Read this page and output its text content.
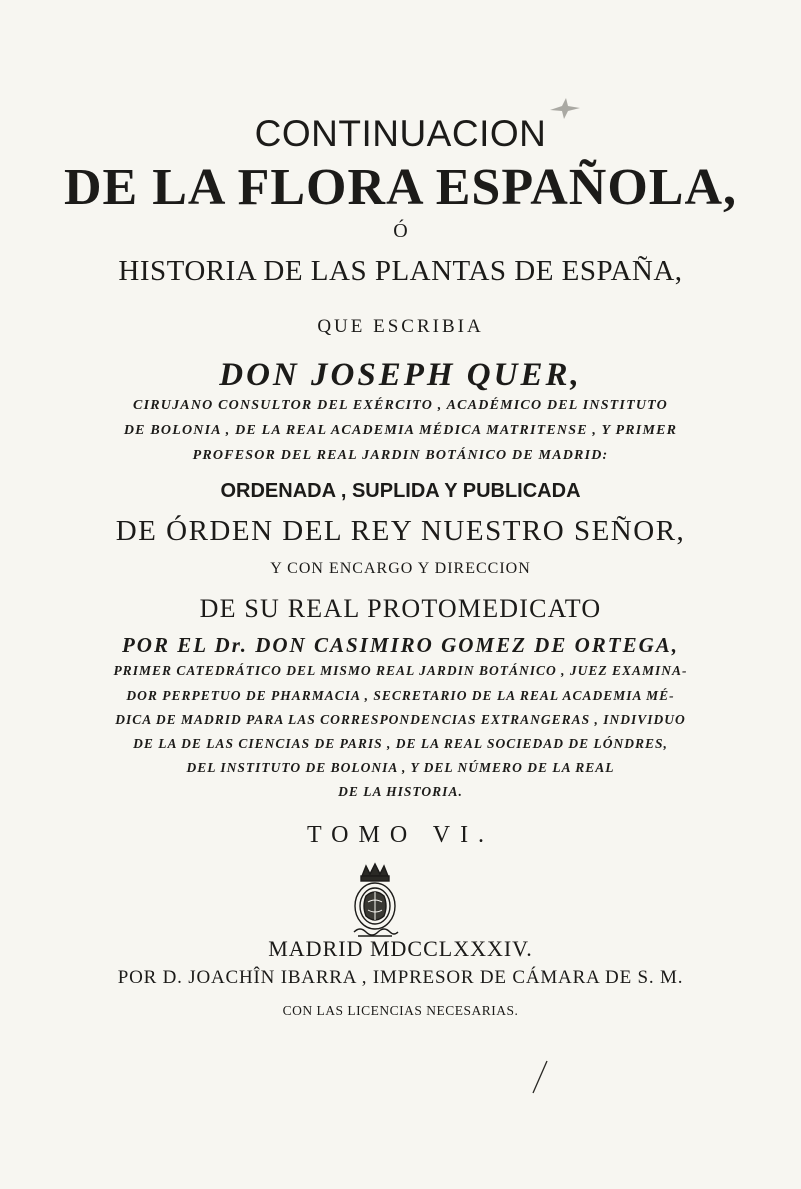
CONTINUACION
DE LA FLORA ESPAÑOLA,
Ó
HISTORIA DE LAS PLANTAS DE ESPAÑA,
QUE ESCRIBIA
DON JOSEPH QUER,
CIRUJANO CONSULTOR DEL EXÉRCITO , ACADÉMICO DEL INSTITUTO
DE BOLONIA , DE LA REAL ACADEMIA MÉDICA MATRITENSE , Y PRIMER
PROFESOR DEL REAL JARDIN BOTÁNICO DE MADRID:
ORDENADA , SUPLIDA Y PUBLICADA
DE ÓRDEN DEL REY NUESTRO SEÑOR,
Y CON ENCARGO Y DIRECCION
DE SU REAL PROTOMEDICATO
POR EL Dr. DON CASIMIRO GOMEZ DE ORTEGA,
PRIMER CATEDRÁTICO DEL MISMO REAL JARDIN BOTÁNICO , JUEZ EXAMINA-
DOR PERPETUO DE PHARMACIA , SECRETARIO DE LA REAL ACADEMIA MÉ-
DICA DE MADRID PARA LAS CORRESPONDENCIAS EXTRANGERAS , INDIVIDUO
DE LA DE LAS CIENCIAS DE PARIS , DE LA REAL SOCIEDAD DE LÓNDRES,
DEL INSTITUTO DE BOLONIA , Y DEL NÚMERO DE LA REAL
DE LA HISTORIA.
TOMO VI.
MADRID MDCCLXXXIV.
POR D. JOACHÎN IBARRA , IMPRESOR DE CÁMARA DE S. M.
CON LAS LICENCIAS NECESARIAS.
